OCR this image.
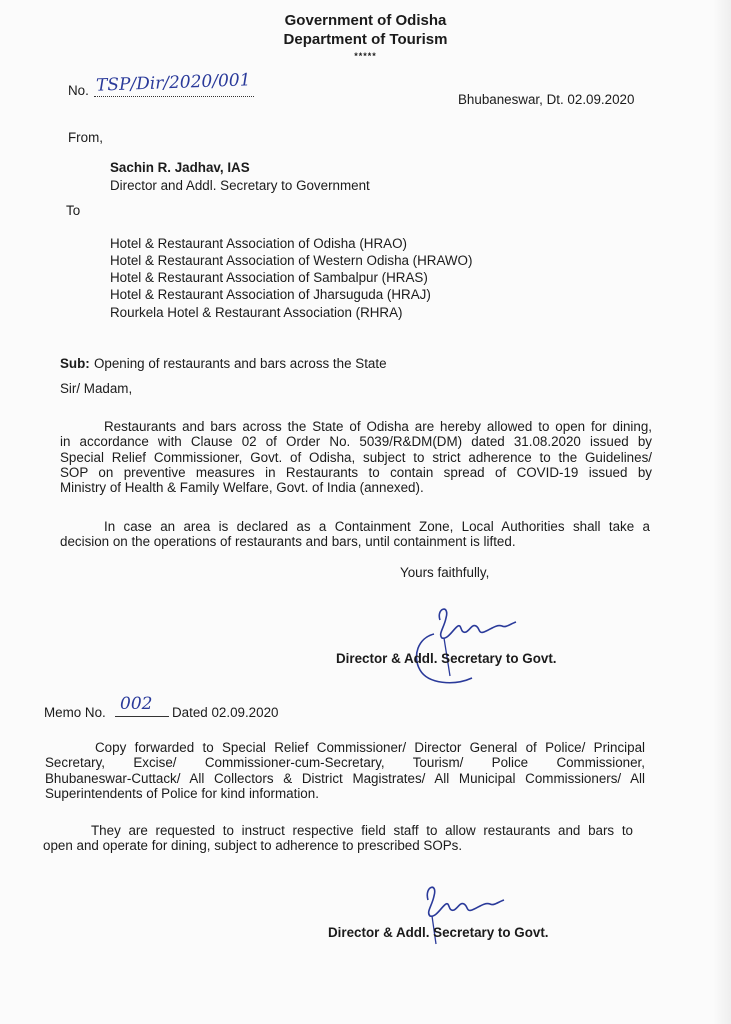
Government of Odisha
Department of Tourism
*****
No. TSP/Dir/2020/001
Bhubaneswar, Dt. 02.09.2020
From,
Sachin R. Jadhav, IAS
Director and Addl. Secretary to Government
To
Hotel & Restaurant Association of Odisha (HRAO)
Hotel & Restaurant Association of Western Odisha (HRAWO)
Hotel & Restaurant Association of Sambalpur (HRAS)
Hotel & Restaurant Association of Jharsuguda (HRAJ)
Rourkela Hotel & Restaurant Association (RHRA)
Sub: Opening of restaurants and bars across the State
Sir/ Madam,
Restaurants and bars across the State of Odisha are hereby allowed to open for dining,
in accordance with Clause 02 of Order No. 5039/R&DM(DM) dated 31.08.2020 issued by
Special Relief Commissioner, Govt. of Odisha, subject to strict adherence to the Guidelines/
SOP on preventive measures in Restaurants to contain spread of COVID-19 issued by
Ministry of Health & Family Welfare, Govt. of India (annexed).
In case an area is declared as a Containment Zone, Local Authorities shall take a
decision on the operations of restaurants and bars, until containment is lifted.
Yours faithfully,
Director & Addl. Secretary to Govt.
Memo No. 002 Dated 02.09.2020
Copy forwarded to Special Relief Commissioner/ Director General of Police/ Principal
Secretary, Excise/ Commissioner-cum-Secretary, Tourism/ Police Commissioner,
Bhubaneswar-Cuttack/ All Collectors & District Magistrates/ All Municipal Commissioners/ All
Superintendents of Police for kind information.
They are requested to instruct respective field staff to allow restaurants and bars to
open and operate for dining, subject to adherence to prescribed SOPs.
Director & Addl. Secretary to Govt.
